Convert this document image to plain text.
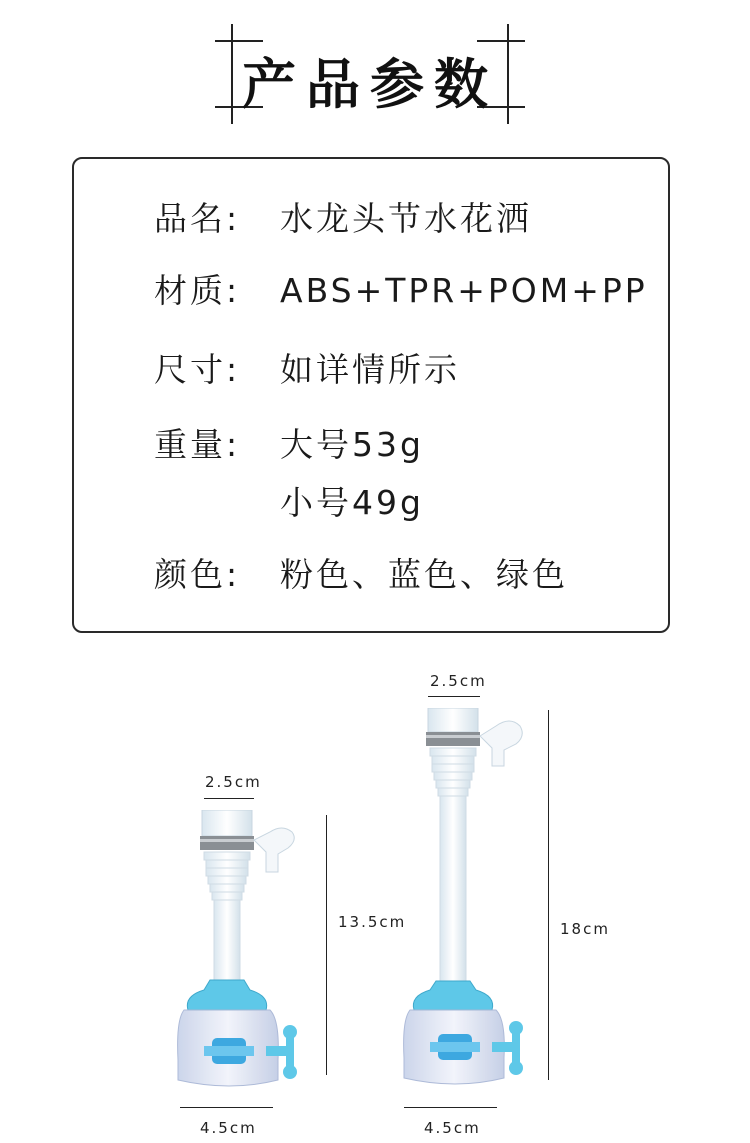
产品参数
品名: 水龙头节水花洒
材质: ABS+TPR+POM+PP
尺寸: 如详情所示
重量: 大号53g
小号49g
颜色: 粉色、蓝色、绿色
2.5cm
13.5cm
4.5cm
2.5cm
18cm
4.5cm
